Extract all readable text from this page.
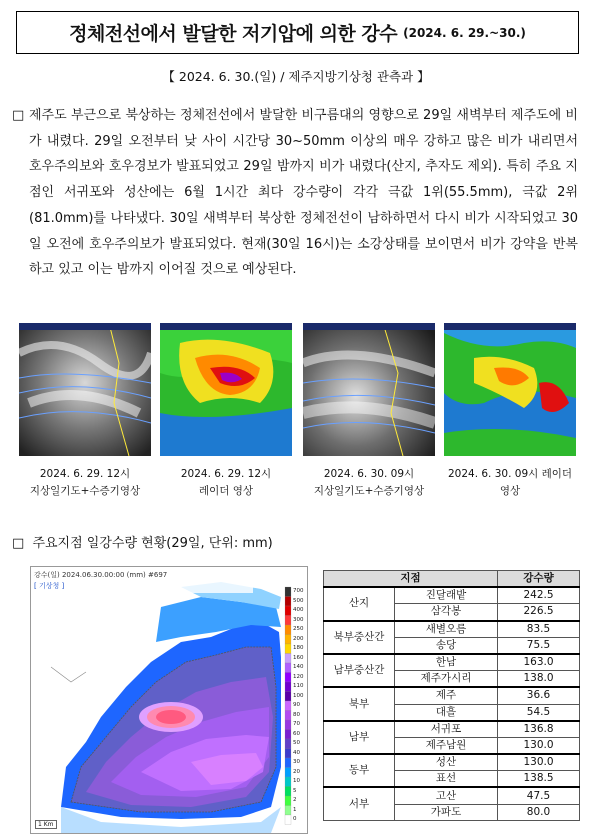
정체전선에서 발달한 저기압에 의한 강수 (2024. 6. 29.~30.)
【 2024. 6. 30.(일) / 제주지방기상청 관측과 】
□ 제주도 부근으로 북상하는 정체전선에서 발달한 비구름대의 영향으로 29일 새벽부터 제주도에 비가 내렸다. 29일 오전부터 낮 사이 시간당 30~50mm 이상의 매우 강하고 많은 비가 내리면서 호우주의보와 호우경보가 발표되었고 29일 밤까지 비가 내렸다(산지, 추자도 제외). 특히 주요 지점인 서귀포와 성산에는 6월 1시간 최다 강수량이 각각 극값 1위(55.5mm), 극값 2위(81.0mm)를 나타냈다. 30일 새벽부터 북상한 정체전선이 남하하면서 다시 비가 시작되었고 30일 오전에 호우주의보가 발표되었다. 현재(30일 16시)는 소강상태를 보이면서 비가 강약을 반복하고 있고 이는 밤까지 이어질 것으로 예상된다.
2024. 6. 29. 12시
지상일기도+수증기영상
2024. 6. 29. 12시
레이더 영상
2024. 6. 30. 09시
지상일기도+수증기영상
2024. 6. 30. 09시 레이더
영상
□ 주요지점 일강수량 현황(29일, 단위: mm)
강수(일) 2024.06.30.00:00 (mm) #697
[ 기상청 ]
1 Km
700
500
400
300
250
200
180
160
140
120
110
100
90
80
70
60
50
40
30
20
10
5
2
1
0
지점		강수량
산지	진달래밭	242.5
	삼각봉	226.5
북부중산간	새별오름	83.5
	송당	75.5
남부중산간	한남	163.0
	제주가시리	138.0
북부	제주	36.6
	대흘	54.5
남부	서귀포	136.8
	제주남원	130.0
동부	성산	130.0
	표선	138.5
서부	고산	47.5
	가파도	80.0
